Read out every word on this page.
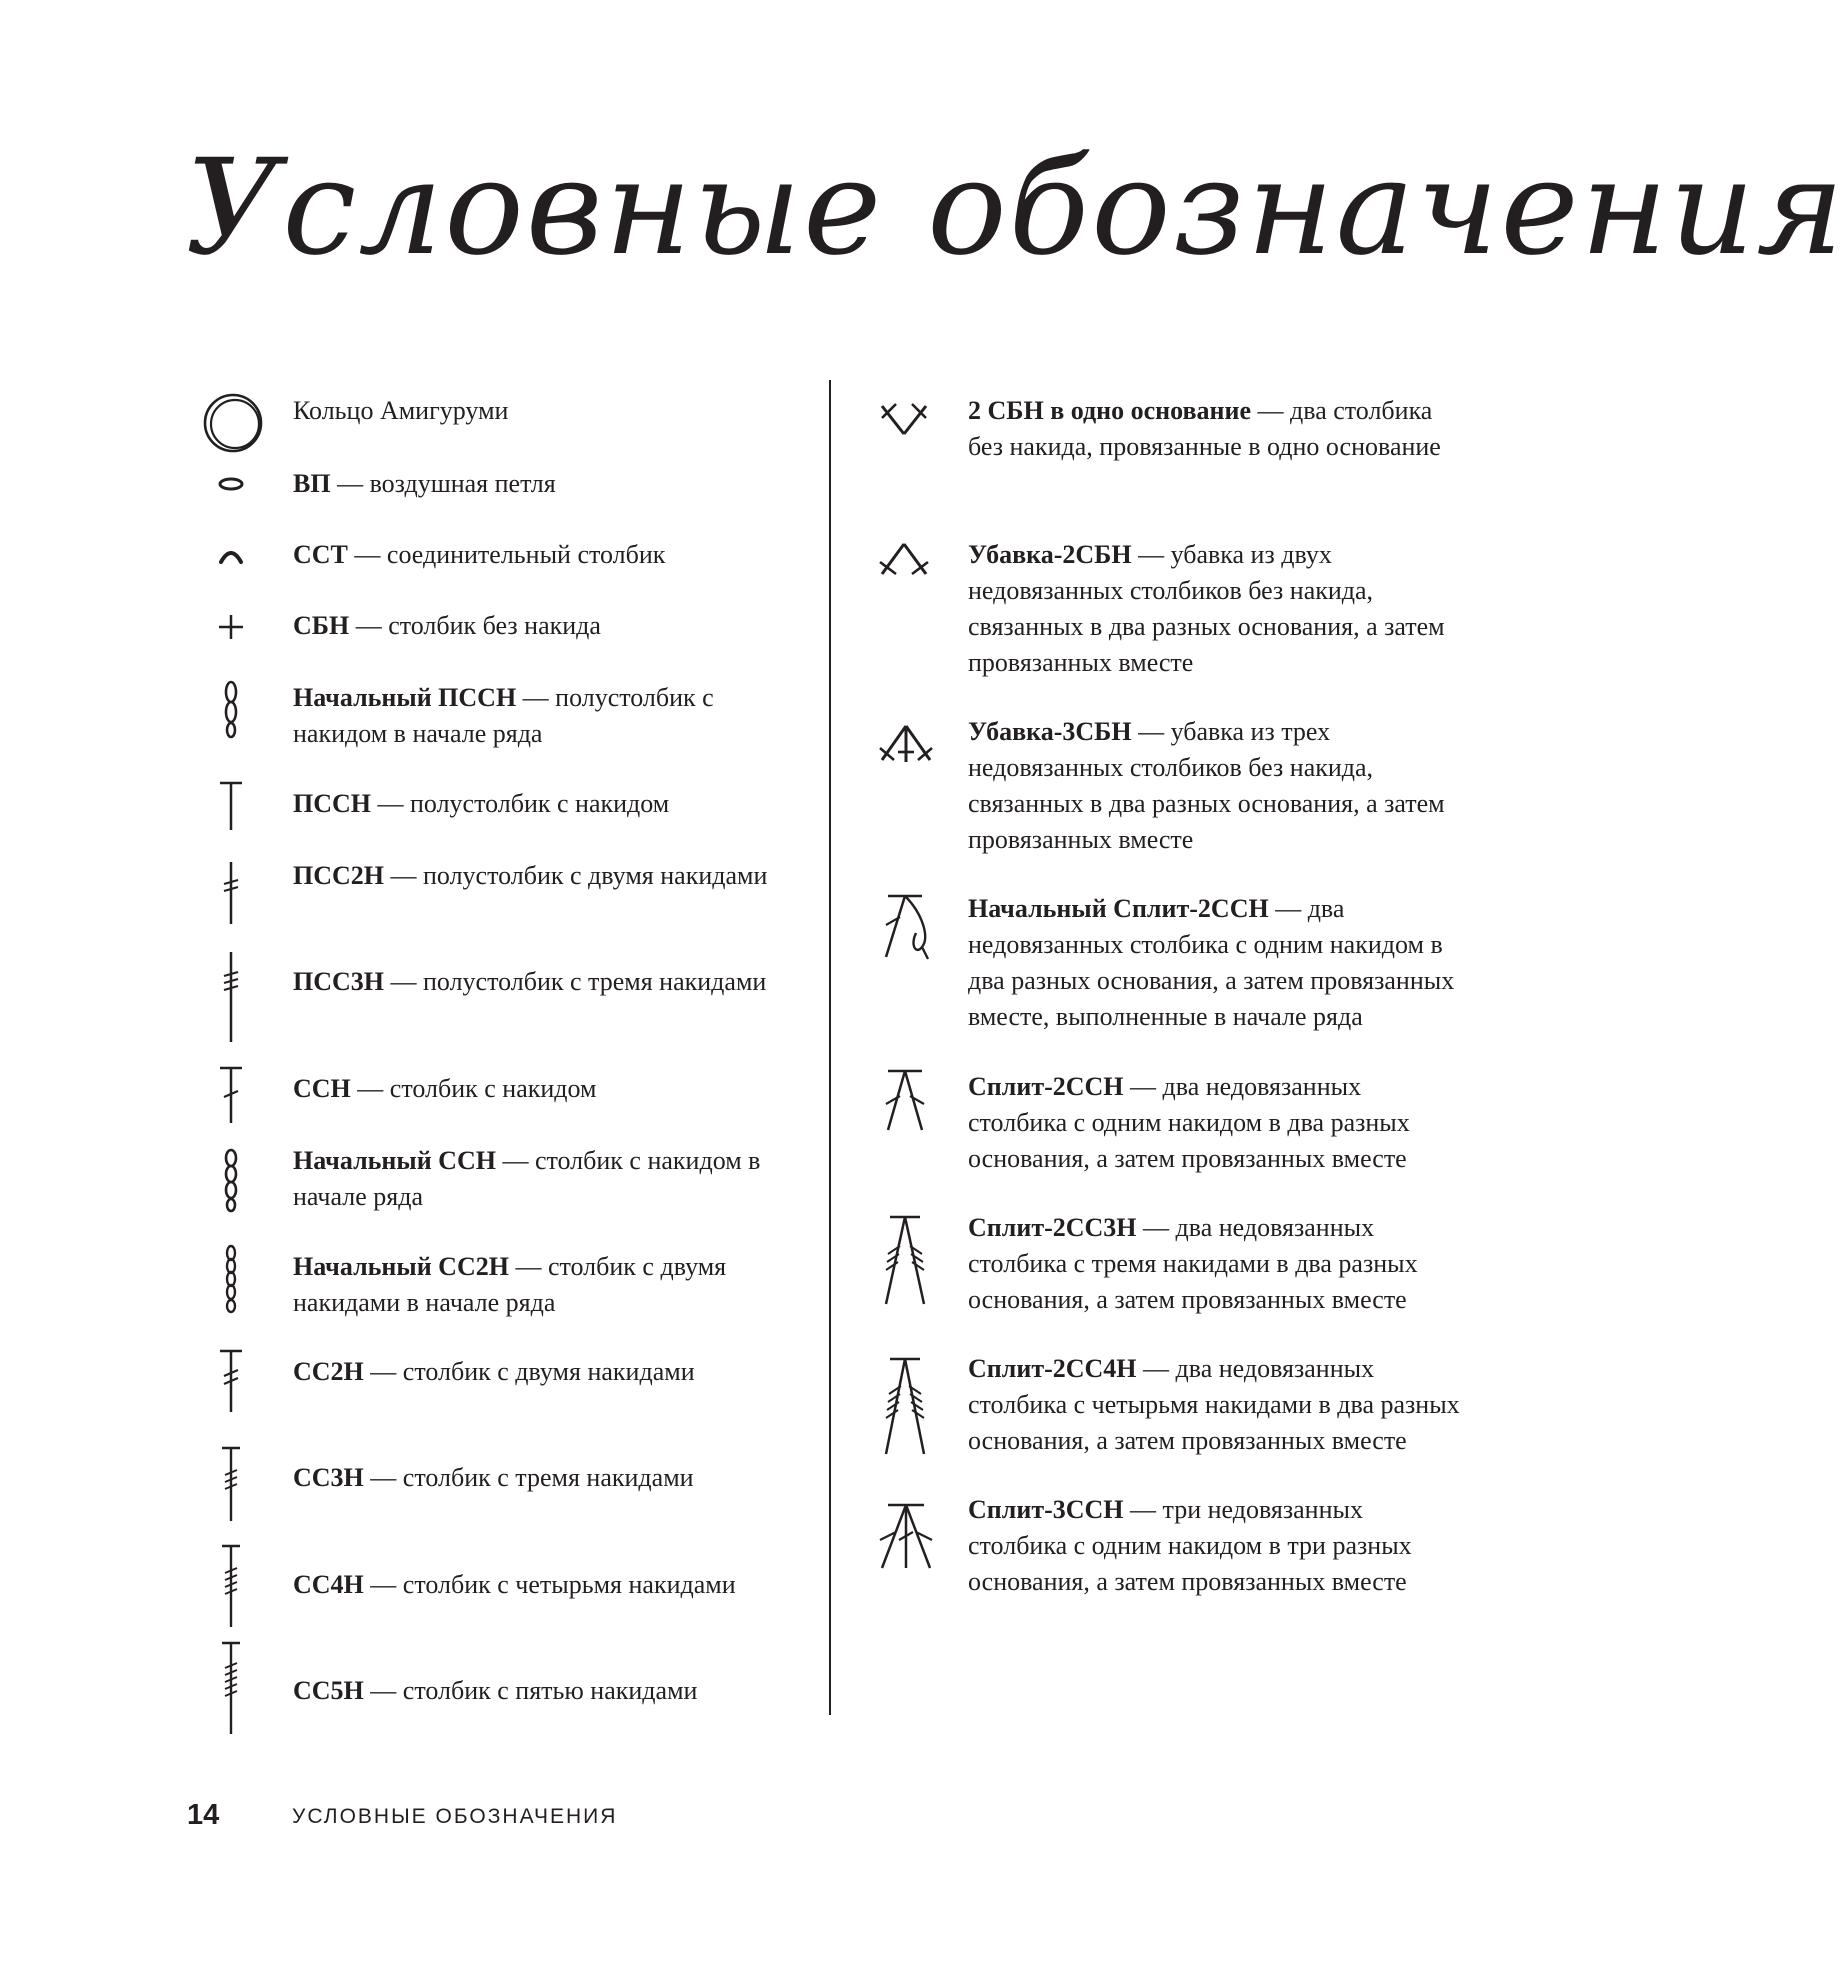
Условные обозначения
Кольцо Амигуруми
ВП — воздушная петля
ССТ — соединительный столбик
СБН — столбик без накида
Начальный ПССН — полустолбик с накидом в начале ряда
ПССН — полустолбик с накидом
ПСС2Н — полустолбик с двумя накидами
ПСС3Н — полустолбик с тремя накидами
ССН — столбик с накидом
Начальный ССН — столбик с накидом в начале ряда
Начальный СС2Н — столбик с двумя накидами в начале ряда
СС2Н — столбик с двумя накидами
СС3Н — столбик с тремя накидами
СС4Н — столбик с четырьмя накидами
СС5Н — столбик с пятью накидами
2 СБН в одно основание — два столбика без накида, провязанные в одно основание
Убавка-2СБН — убавка из двух недовязанных столбиков без накида, связанных в два разных основания, а затем провязанных вместе
Убавка-3СБН — убавка из трех недовязанных столбиков без накида, связанных в два разных основания, а затем провязанных вместе
Начальный Сплит-2ССН — два недовязанных столбика с одним накидом в два разных основания, а затем провязанных вместе, выполненные в начале ряда
Сплит-2ССН — два недовязанных столбика с одним накидом в два разных основания, а затем провязанных вместе
Сплит-2СС3Н — два недовязанных столбика с тремя накидами в два разных основания, а затем провязанных вместе
Сплит-2СС4Н — два недовязанных столбика с четырьмя накидами в два разных основания, а затем провязанных вместе
Сплит-3ССН — три недовязанных столбика с одним накидом в три разных основания, а затем провязанных вместе
14	УСЛОВНЫЕ ОБОЗНАЧЕНИЯ
